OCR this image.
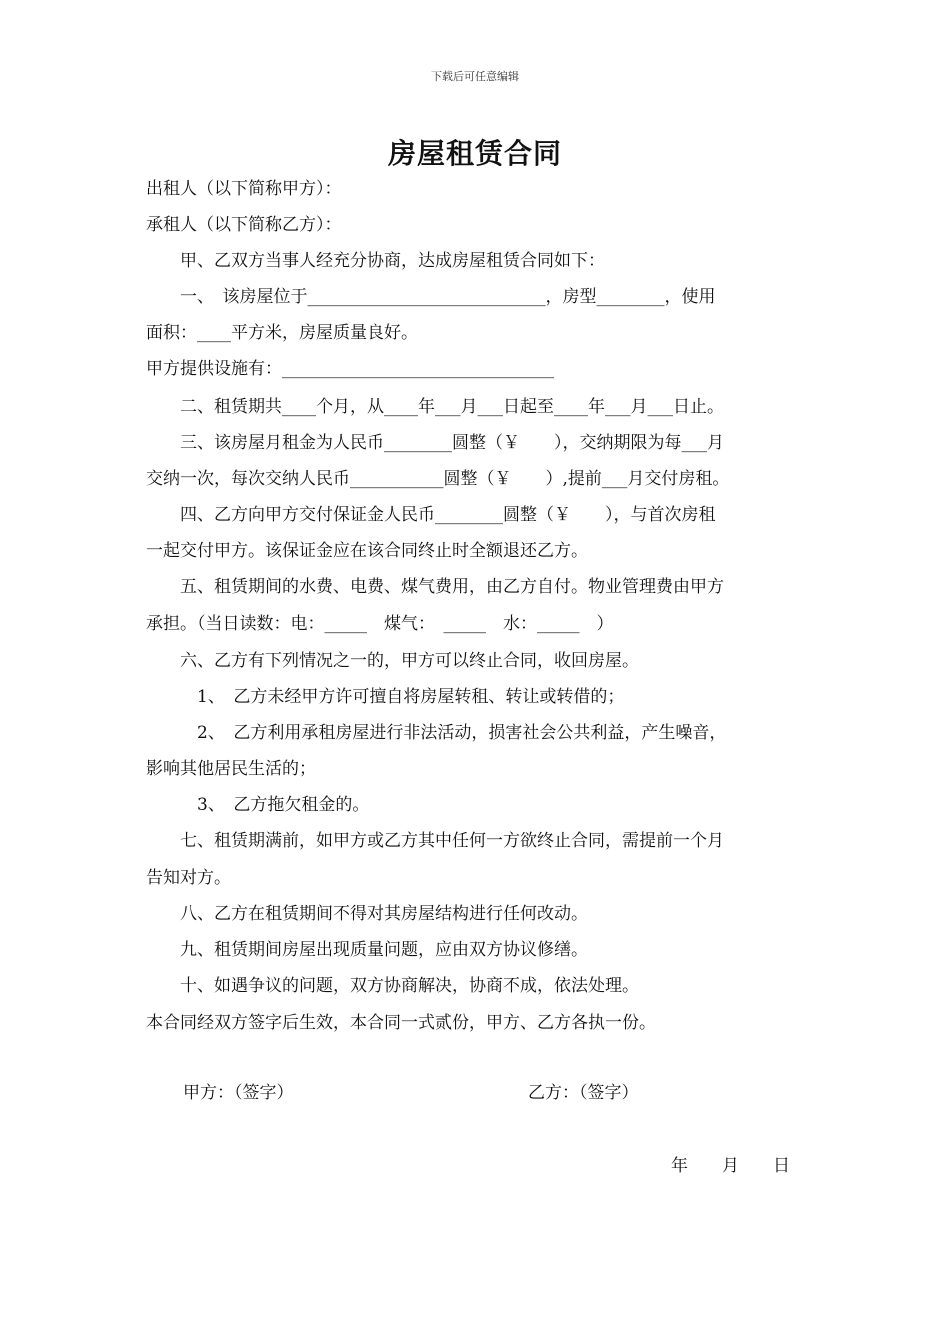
下载后可任意编辑
房屋租赁合同
出租人（以下简称甲方）：
承租人（以下简称乙方）：
　　甲、乙双方当事人经充分协商，达成房屋租赁合同如下：
　　一、　该房屋位于____________________________，房型________，使用
面积：____平方米，房屋质量良好。
甲方提供设施有：________________________________
　　二、租赁期共____个月，从____年___月___日起至____年___月___日止。
　　三、该房屋月租金为人民币________圆整（￥　　），交纳期限为每___月
交纳一次，每次交纳人民币___________圆整（￥　　）,提前___月交付房租。
　　四、乙方向甲方交付保证金人民币________圆整（￥　　），与首次房租
一起交付甲方。该保证金应在该合同终止时全额退还乙方。
　　五、租赁期间的水费、电费、煤气费用，由乙方自付。物业管理费由甲方
承担。（当日读数：电：_____　煤气：　_____　水：_____　）
　　六、乙方有下列情况之一的，甲方可以终止合同，收回房屋。
　　　1、　乙方未经甲方许可擅自将房屋转租、转让或转借的；
　　　2、　乙方利用承租房屋进行非法活动，损害社会公共利益，产生噪音，
影响其他居民生活的；
　　　3、　乙方拖欠租金的。
　　七、租赁期满前，如甲方或乙方其中任何一方欲终止合同，需提前一个月
告知对方。
　　八、乙方在租赁期间不得对其房屋结构进行任何改动。
　　九、租赁期间房屋出现质量问题，应由双方协议修缮。
　　十、如遇争议的问题，双方协商解决，协商不成，依法处理。
本合同经双方签字后生效，本合同一式贰份，甲方、乙方各执一份。
甲方：（签字）	乙方：（签字）
年　　月　　日
